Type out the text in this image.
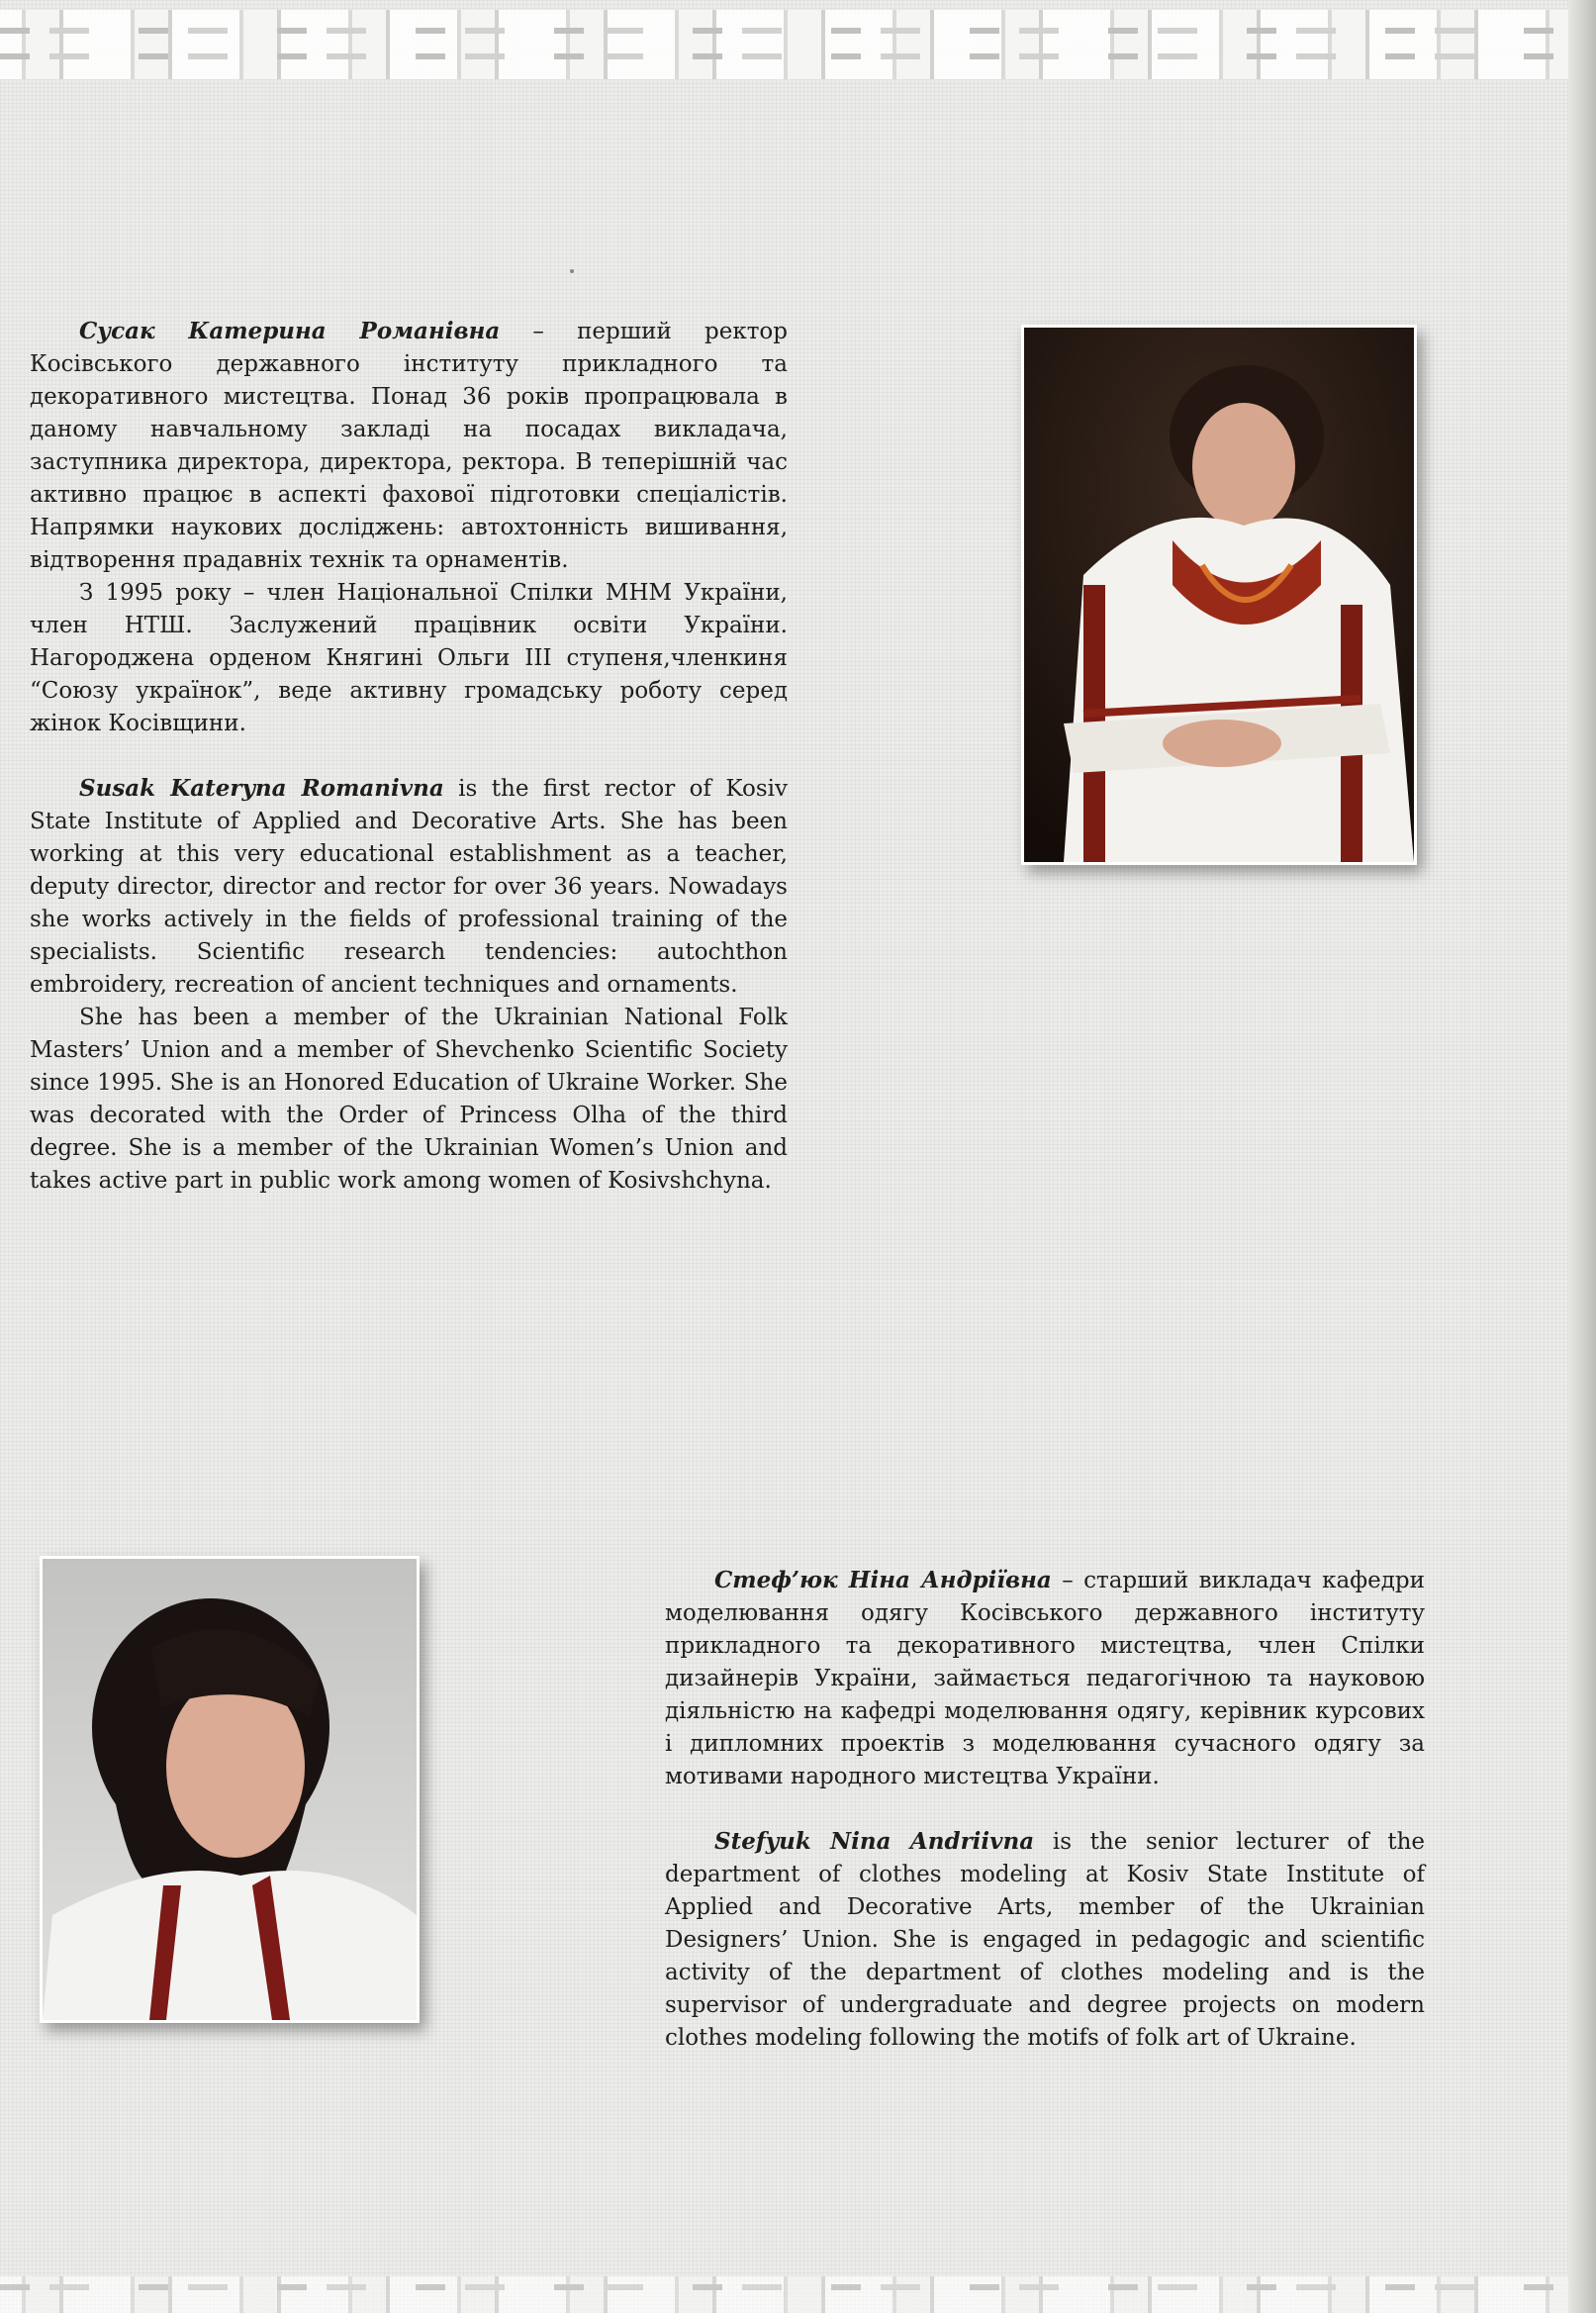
Сусак Катерина Романівна – перший ректор Косівського державного інституту прикладного та декоративного мистецтва. Понад 36 років пропрацювала в даному навчальному закладі на посадах викладача, заступника директора, директора, ректора. В теперішній час активно працює в аспекті фахової підготовки спеціалістів. Напрямки наукових досліджень: автохтонність вишивання, відтворення прадавніх технік та орнаментів.

З 1995 року – член Національної Спілки МНМ України, член НТШ. Заслужений працівник освіти України. Нагороджена орденом Княгині Ольги III ступеня,членкиня “Союзу українок”, веде активну громадську роботу серед жінок Косівщини.

Susak Kateryna Romanivna is the first rector of Kosiv State Institute of Applied and Decorative Arts. She has been working at this very educational establishment as a teacher, deputy director, director and rector for over 36 years. Nowadays she works actively in the fields of professional training of the specialists. Scientific research tendencies: autochthon embroidery, recreation of ancient techniques and ornaments.

She has been a member of the Ukrainian National Folk Masters’ Union and a member of Shevchenko Scientific Society since 1995. She is an Honored Education of Ukraine Worker. She was decorated with the Order of Princess Olha of the third degree. She is a member of the Ukrainian Women’s Union and takes active part in public work among women of Kosivshchyna.

Стеф’юк Ніна Андріївна – старший викладач кафедри моделювання одягу Косівського державного інституту прикладного та декоративного мистецтва, член Спілки дизайнерів України, займається педагогічною та науковою діяльністю на кафедрі моделювання одягу, керівник курсових і дипломних проектів з моделювання сучасного одягу за мотивами народного мистецтва України.

Stefyuk Nina Andriivna is the senior lecturer of the department of clothes modeling at Kosiv State Institute of Applied and Decorative Arts, member of the Ukrainian Designers’ Union. She is engaged in pedagogic and scientific activity of the department of clothes modeling and is the supervisor of undergraduate and degree projects on modern clothes modeling following the motifs of folk art of Ukraine.
